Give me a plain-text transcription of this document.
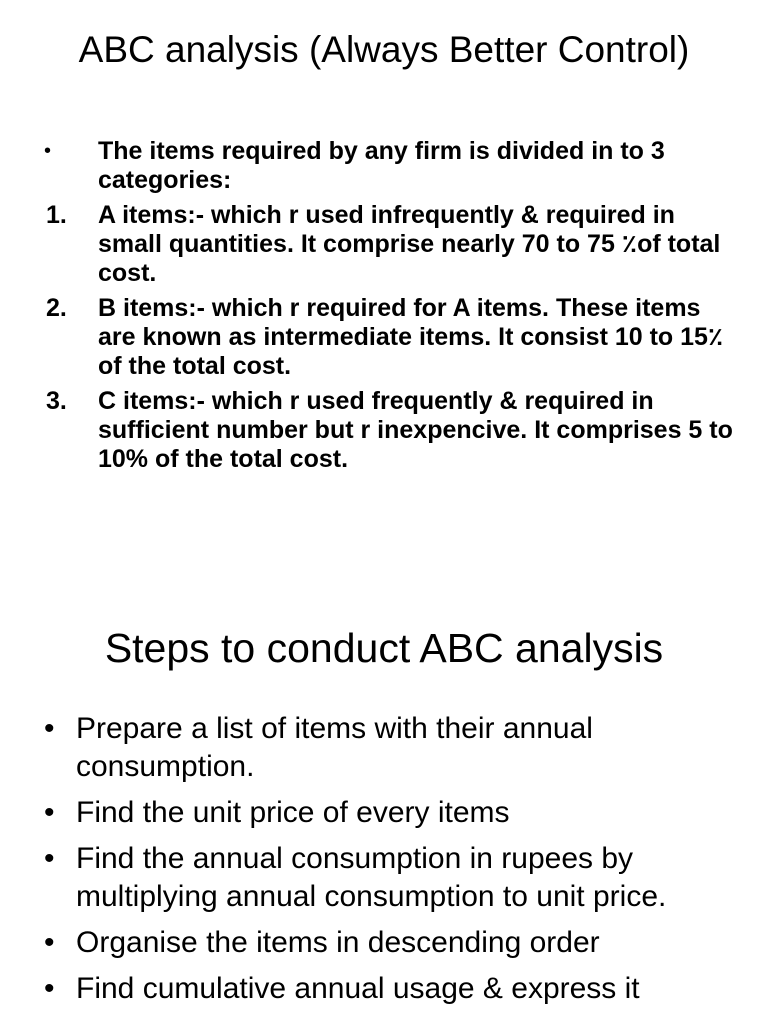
ABC analysis (Always Better Control)
• The items required by any firm is divided in to 3 categories:
1. A items:- which r used infrequently & required in small quantities. It comprise nearly 70 to 75 ٪of total cost.
2. B items:- which r required for A items. These items are known as intermediate items. It consist 10 to 15٪ of the total cost.
3. C items:- which r used frequently & required in sufficient number but r inexpencive. It comprises 5 to 10% of the total cost.
Steps to conduct ABC analysis
• Prepare a list of items with their annual consumption.
• Find the unit price of every items
• Find the annual consumption in rupees by multiplying annual consumption to unit price.
• Organise the items in descending order
• Find cumulative annual usage & express it
